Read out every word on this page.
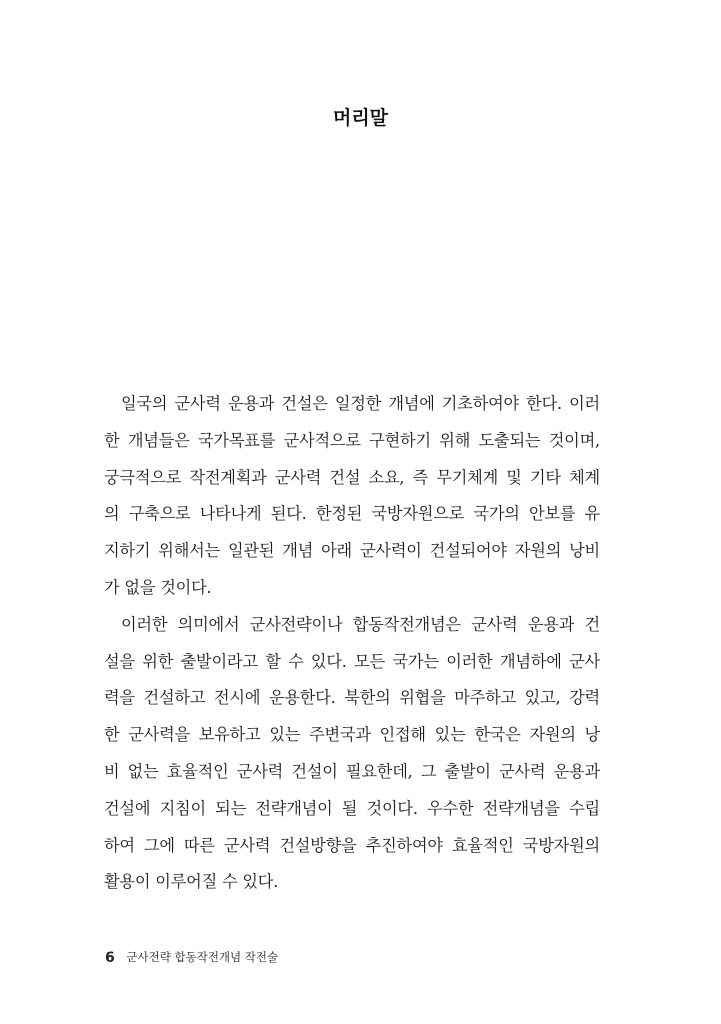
머리말
일국의 군사력 운용과 건설은 일정한 개념에 기초하여야 한다. 이러
한 개념들은 국가목표를 군사적으로 구현하기 위해 도출되는 것이며,
궁극적으로 작전계획과 군사력 건설 소요, 즉 무기체계 및 기타 체계
의 구축으로 나타나게 된다. 한정된 국방자원으로 국가의 안보를 유
지하기 위해서는 일관된 개념 아래 군사력이 건설되어야 자원의 낭비
가 없을 것이다.
이러한 의미에서 군사전략이나 합동작전개념은 군사력 운용과 건
설을 위한 출발이라고 할 수 있다. 모든 국가는 이러한 개념하에 군사
력을 건설하고 전시에 운용한다. 북한의 위협을 마주하고 있고, 강력
한 군사력을 보유하고 있는 주변국과 인접해 있는 한국은 자원의 낭
비 없는 효율적인 군사력 건설이 필요한데, 그 출발이 군사력 운용과
건설에 지침이 되는 전략개념이 될 것이다. 우수한 전략개념을 수립
하여 그에 따른 군사력 건설방향을 추진하여야 효율적인 국방자원의
활용이 이루어질 수 있다.
6 군사전략 합동작전개념 작전술
